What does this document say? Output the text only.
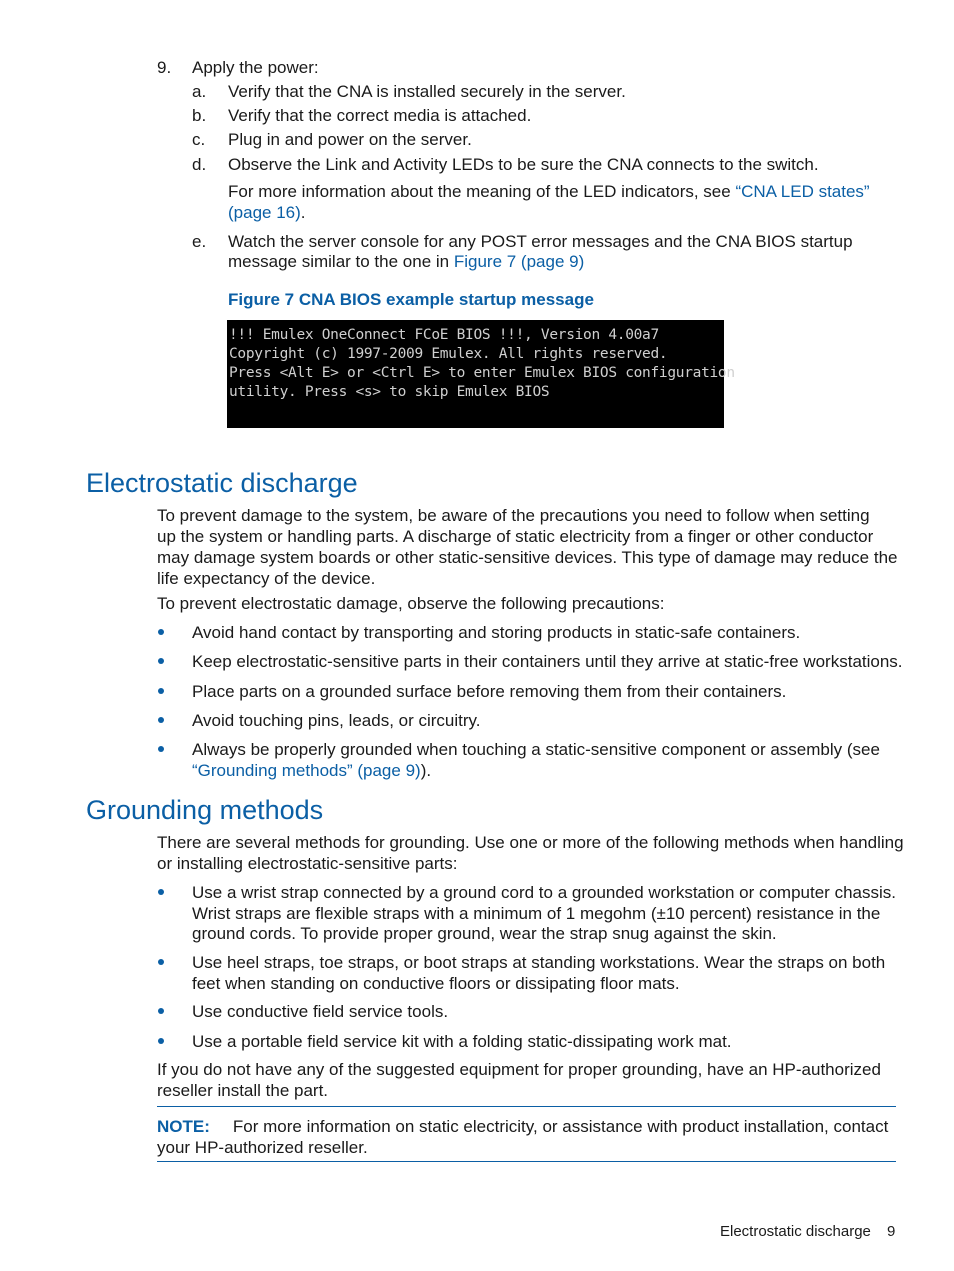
9. Apply the power:
a. Verify that the CNA is installed securely in the server.
b. Verify that the correct media is attached.
c. Plug in and power on the server.
d. Observe the Link and Activity LEDs to be sure the CNA connects to the switch.
For more information about the meaning of the LED indicators, see “CNA LED states”
(page 16).
e. Watch the server console for any POST error messages and the CNA BIOS startup
message similar to the one in Figure 7 (page 9)
Figure 7 CNA BIOS example startup message
!!! Emulex OneConnect FCoE BIOS !!!, Version 4.00a7
Copyright (c) 1997-2009 Emulex. All rights reserved.
Press <Alt E> or <Ctrl E> to enter Emulex BIOS configuration
utility. Press <s> to skip Emulex BIOS
Electrostatic discharge
To prevent damage to the system, be aware of the precautions you need to follow when setting
up the system or handling parts. A discharge of static electricity from a finger or other conductor
may damage system boards or other static-sensitive devices. This type of damage may reduce the
life expectancy of the device.
To prevent electrostatic damage, observe the following precautions:
Avoid hand contact by transporting and storing products in static-safe containers.
Keep electrostatic-sensitive parts in their containers until they arrive at static-free workstations.
Place parts on a grounded surface before removing them from their containers.
Avoid touching pins, leads, or circuitry.
Always be properly grounded when touching a static-sensitive component or assembly (see
“Grounding methods” (page 9)).
Grounding methods
There are several methods for grounding. Use one or more of the following methods when handling
or installing electrostatic-sensitive parts:
Use a wrist strap connected by a ground cord to a grounded workstation or computer chassis.
Wrist straps are flexible straps with a minimum of 1 megohm (±10 percent) resistance in the
ground cords. To provide proper ground, wear the strap snug against the skin.
Use heel straps, toe straps, or boot straps at standing workstations. Wear the straps on both
feet when standing on conductive floors or dissipating floor mats.
Use conductive field service tools.
Use a portable field service kit with a folding static-dissipating work mat.
If you do not have any of the suggested equipment for proper grounding, have an HP-authorized
reseller install the part.
NOTE: For more information on static electricity, or assistance with product installation, contact
your HP-authorized reseller.
Electrostatic discharge 9
